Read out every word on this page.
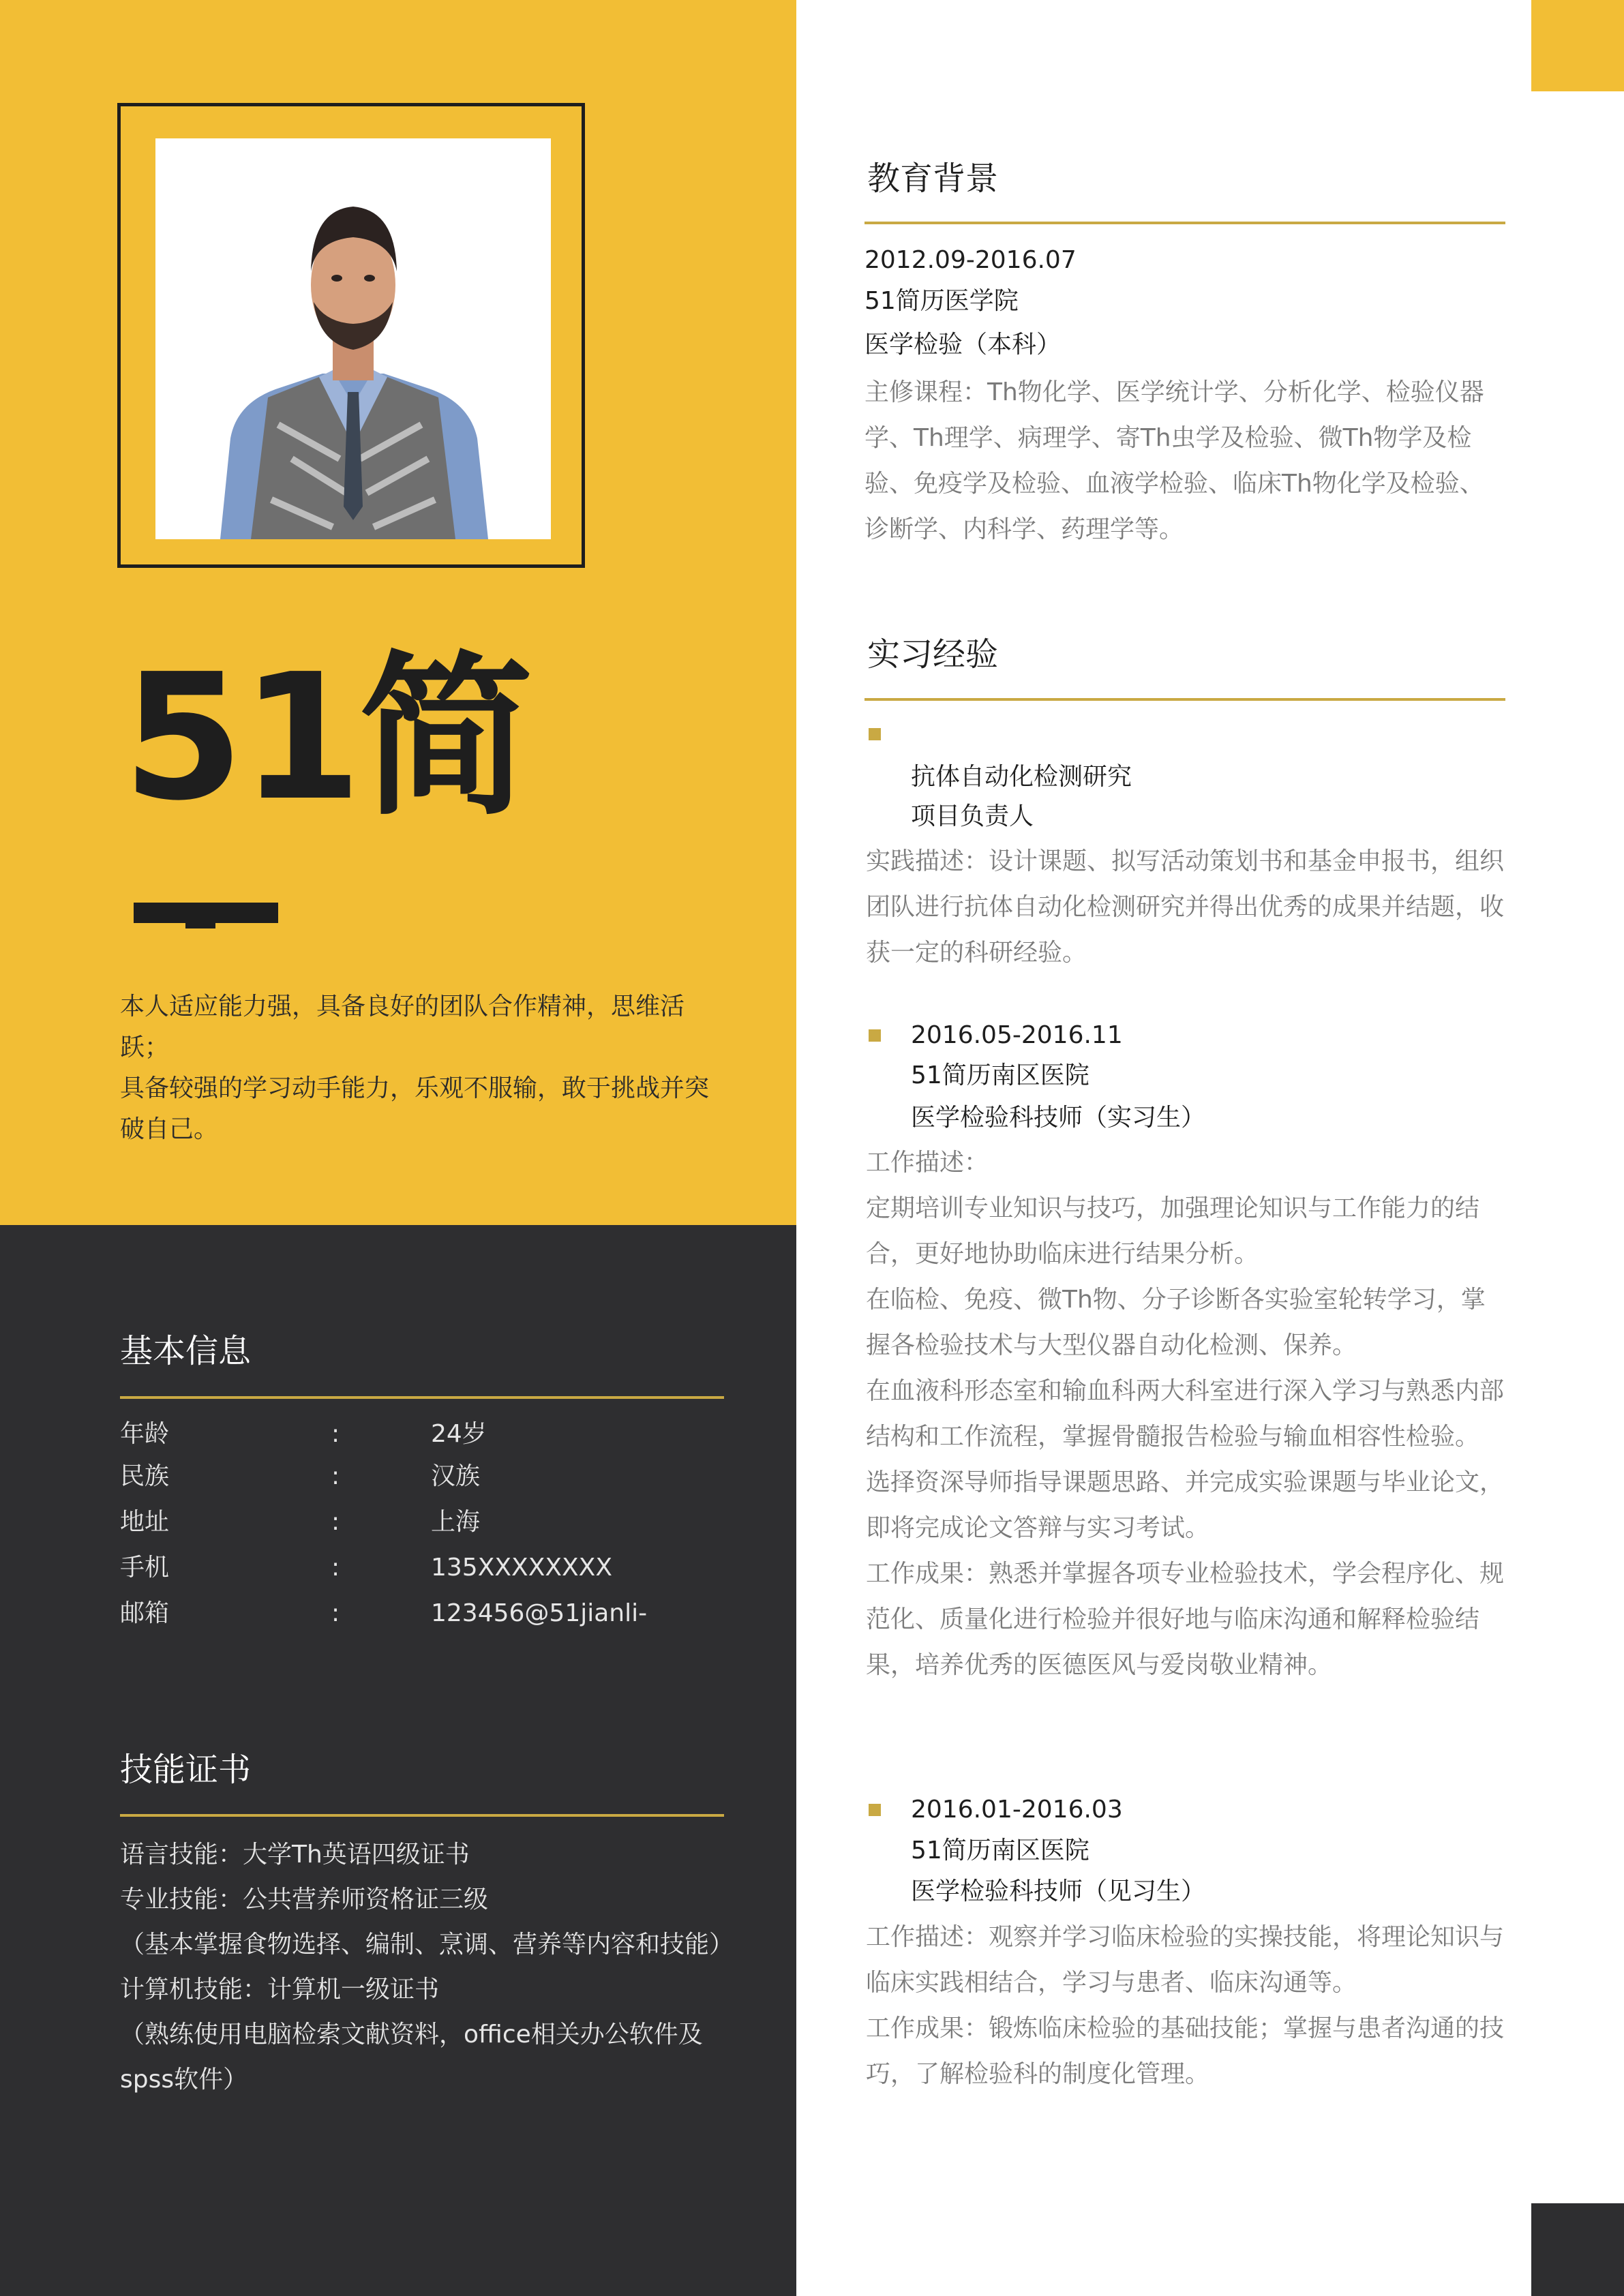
51简

本人适应能力强，具备良好的团队合作精神，思维活跃；

具备较强的学习动手能力，乐观不服输，敢于挑战并突破自己。

基本信息
年龄	:	24岁
民族	:	汉族
地址	:	上海
手机	:	135XXXXXXXX
邮箱	:	123456@51jianli-
技能证书

语言技能：大学Th英语四级证书

专业技能：公共营养师资格证三级

（基本掌握食物选择、编制、烹调、营养等内容和技能）

计算机技能：计算机一级证书

（熟练使用电脑检索文献资料，office相关办公软件及spss软件）

教育背景
2012.09-2016.07
51简历医学院
医学检验（本科）
主修课程：Th物化学、医学统计学、分析化学、检验仪器学、Th理学、病理学、寄Th虫学及检验、微Th物学及检验、免疫学及检验、血液学检验、临床Th物化学及检验、诊断学、内科学、药理学等。
实习经验
抗体自动化检测研究
项目负责人

实践描述：设计课题、拟写活动策划书和基金申报书，组织团队进行抗体自动化检测研究并得出优秀的成果并结题，收获一定的科研经验。

2016.05-2016.11
51简历南区医院
医学检验科技师（实习生）

工作描述：

定期培训专业知识与技巧，加强理论知识与工作能力的结合，更好地协助临床进行结果分析。

在临检、免疫、微Th物、分子诊断各实验室轮转学习，掌握各检验技术与大型仪器自动化检测、保养。

在血液科形态室和输血科两大科室进行深入学习与熟悉内部结构和工作流程，掌握骨髓报告检验与输血相容性检验。

选择资深导师指导课题思路、并完成实验课题与毕业论文，即将完成论文答辩与实习考试。

工作成果：熟悉并掌握各项专业检验技术，学会程序化、规范化、质量化进行检验并很好地与临床沟通和解释检验结果，培养优秀的医德医风与爱岗敬业精神。

2016.01-2016.03
51简历南区医院
医学检验科技师（见习生）

工作描述：观察并学习临床检验的实操技能，将理论知识与临床实践相结合，学习与患者、临床沟通等。

工作成果：锻炼临床检验的基础技能；掌握与患者沟通的技巧，了解检验科的制度化管理。
